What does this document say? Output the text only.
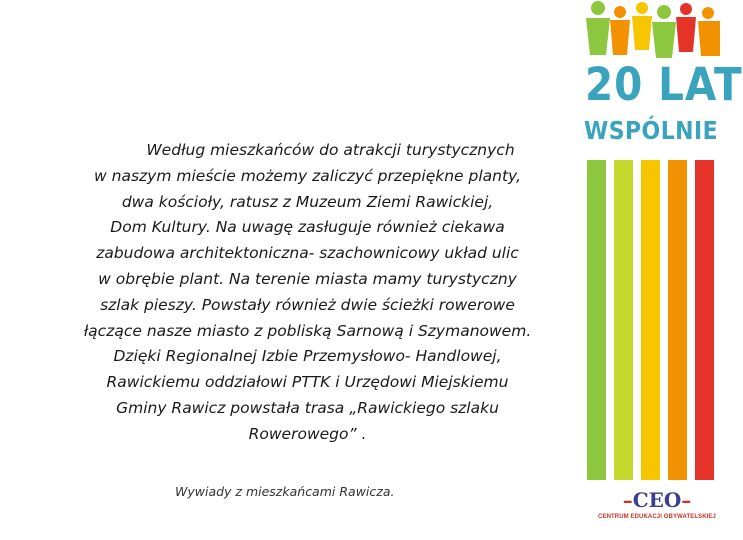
20 LAT
WSPÓLNIE
–CEO–
CENTRUM EDUKACJI OBYWATELSKIEJ
Według mieszkańców do atrakcji turystycznych
w naszym mieście możemy zaliczyć przepiękne planty,
dwa kościoły, ratusz z Muzeum Ziemi Rawickiej,
Dom Kultury. Na uwagę zasługuje również ciekawa
zabudowa architektoniczna- szachownicowy układ ulic
w obrębie plant. Na terenie miasta mamy turystyczny
szlak pieszy. Powstały również dwie ścieżki rowerowe
łączące nasze miasto z pobliską Sarnową i Szymanowem.
Dzięki Regionalnej Izbie Przemysłowo- Handlowej,
Rawickiemu oddziałowi PTTK i Urzędowi Miejskiemu
Gminy Rawicz powstała trasa „Rawickiego szlaku
Rowerowego” .
Wywiady z mieszkańcami Rawicza.
